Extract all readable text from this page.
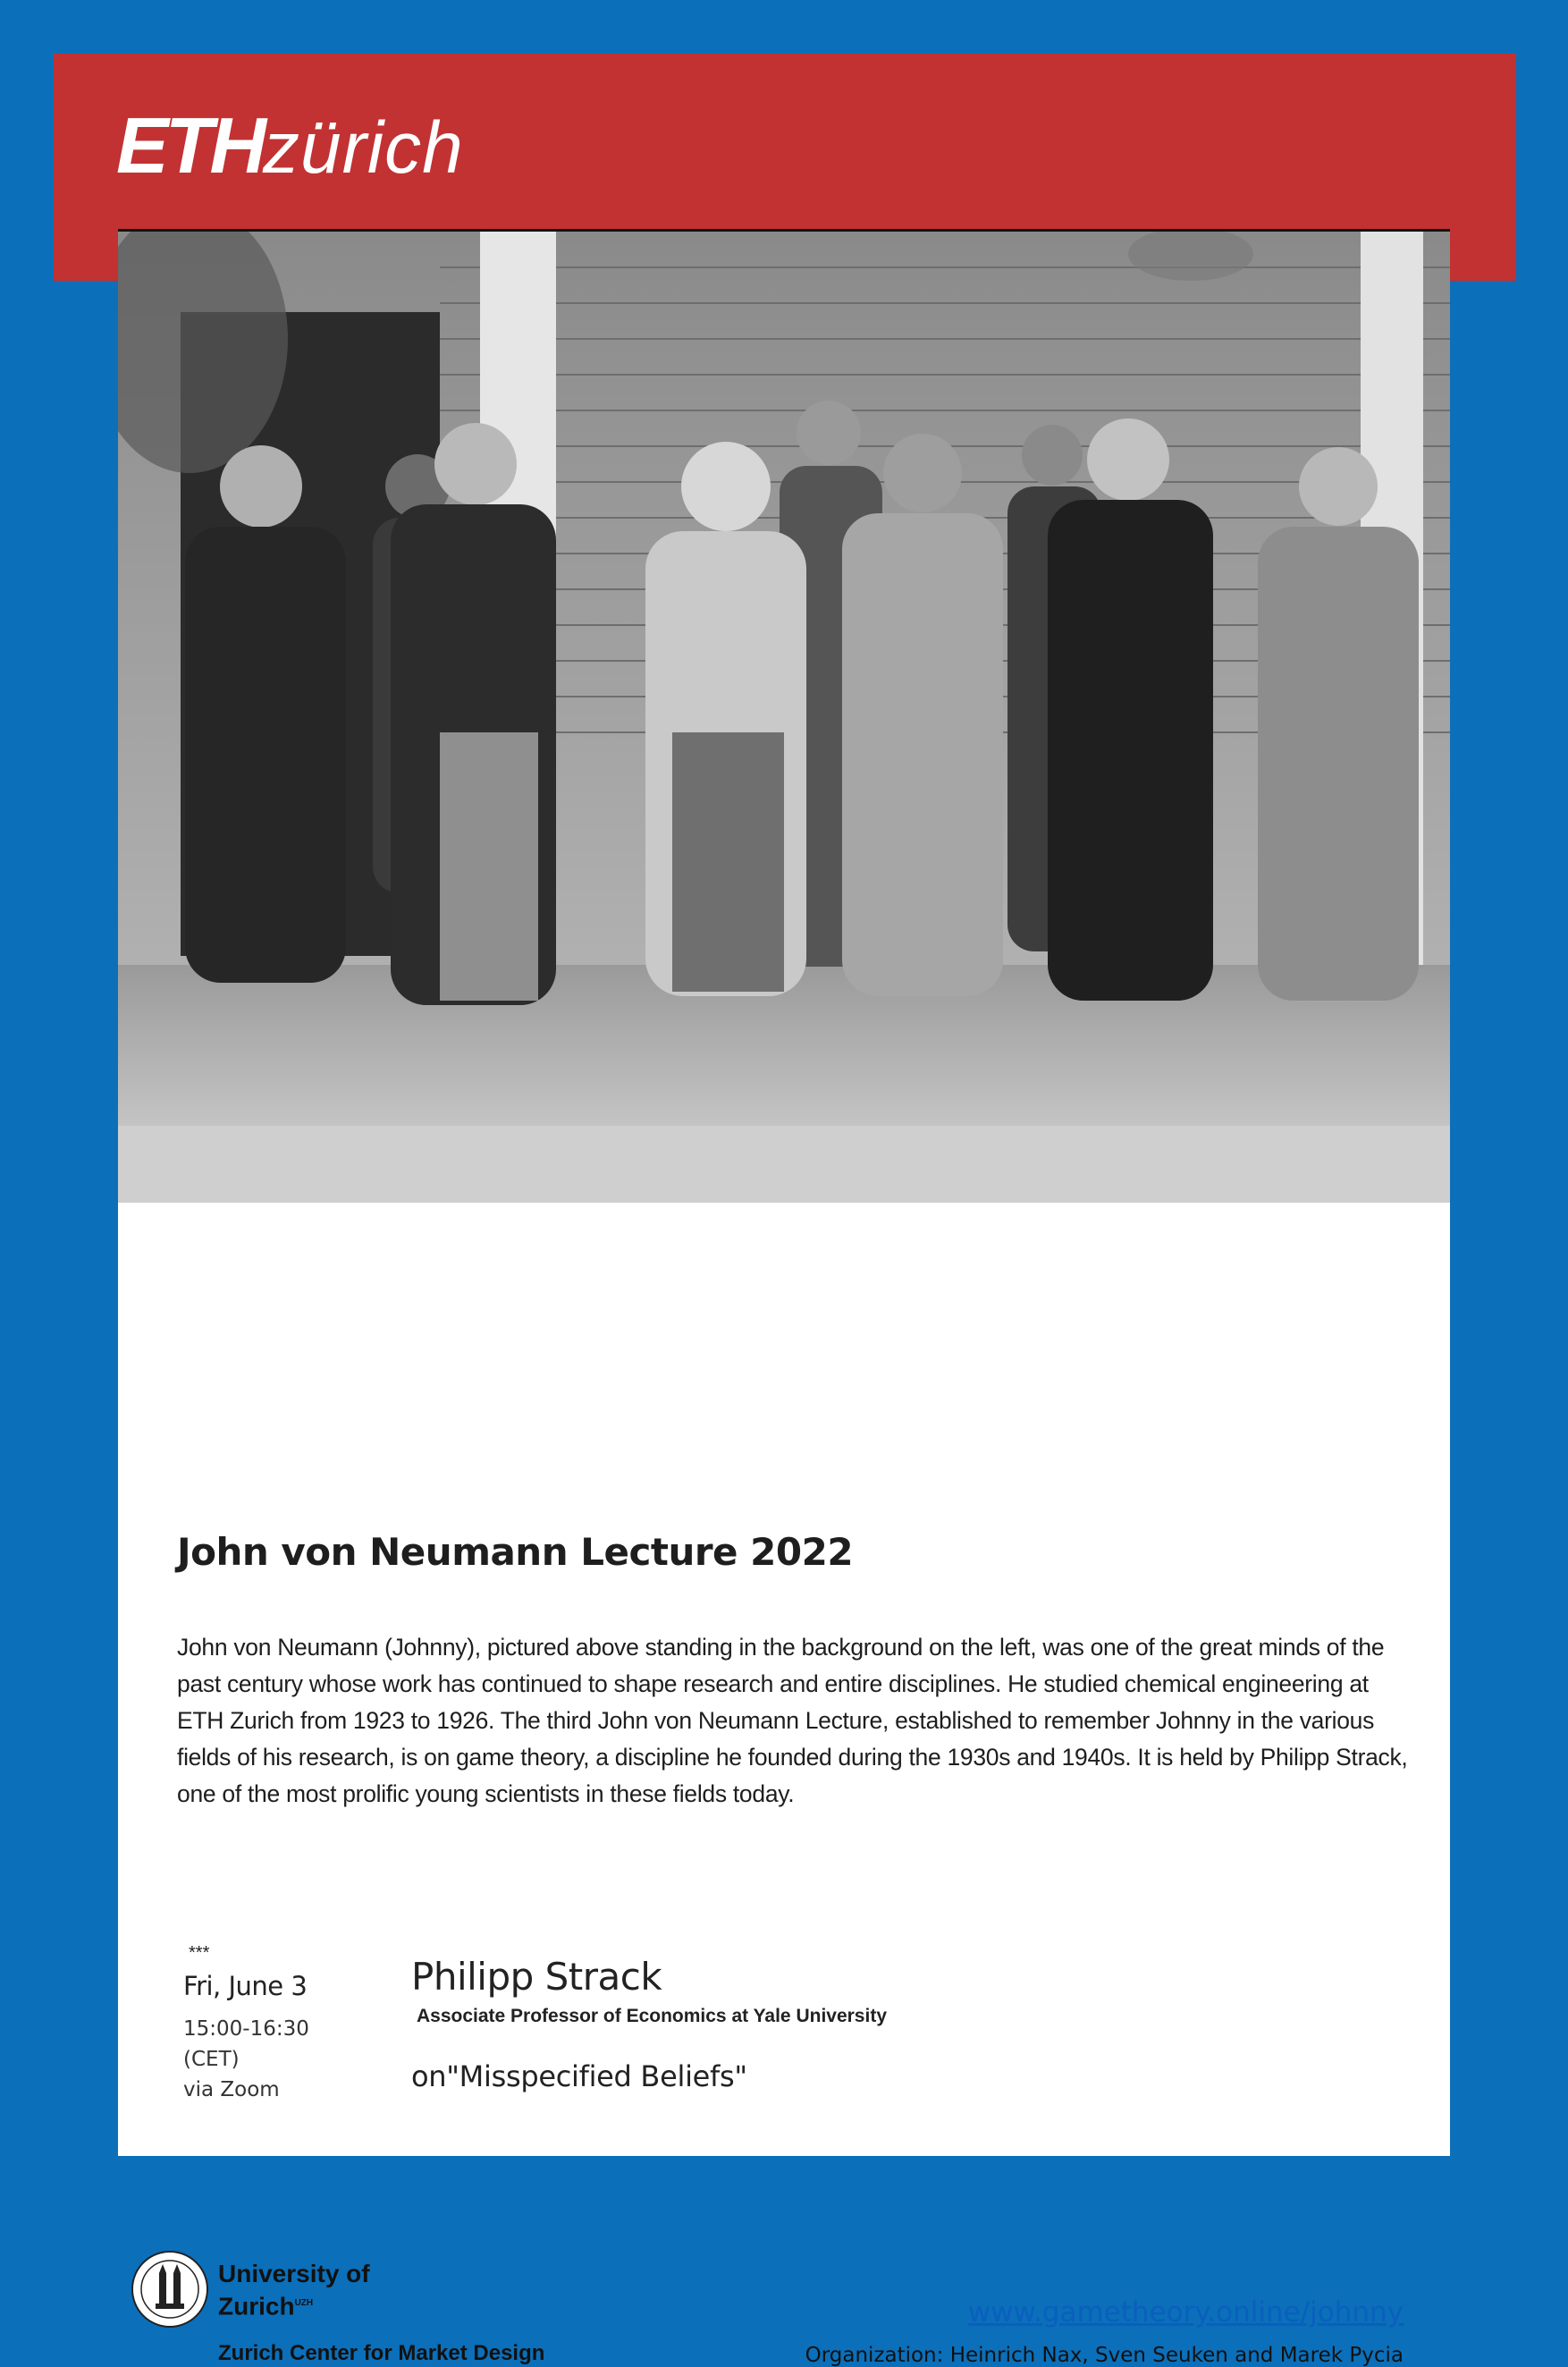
ETHzürich
John von Neumann Lecture 2022
John von Neumann (Johnny), pictured above standing in the background on the left, was one of the great minds of the past century whose work has continued to shape research and entire disciplines. He studied chemical engineering at ETH Zurich from 1923 to 1926. The third John von Neumann Lecture, established to remember Johnny in the various fields of his research, is on game theory, a discipline he founded during the 1930s and 1940s. It is held by Philipp Strack, one of the most prolific young scientists in these fields today.
***
Fri, June 3
15:00-16:30
(CET)
via Zoom
Philipp Strack
Associate Professor of Economics at Yale University
on"Misspecified Beliefs"
University of
Zurich$^{UZH}$
Zurich Center for Market Design
www.gametheory.online/johnny
Organization: Heinrich Nax, Sven Seuken and Marek Pycia
